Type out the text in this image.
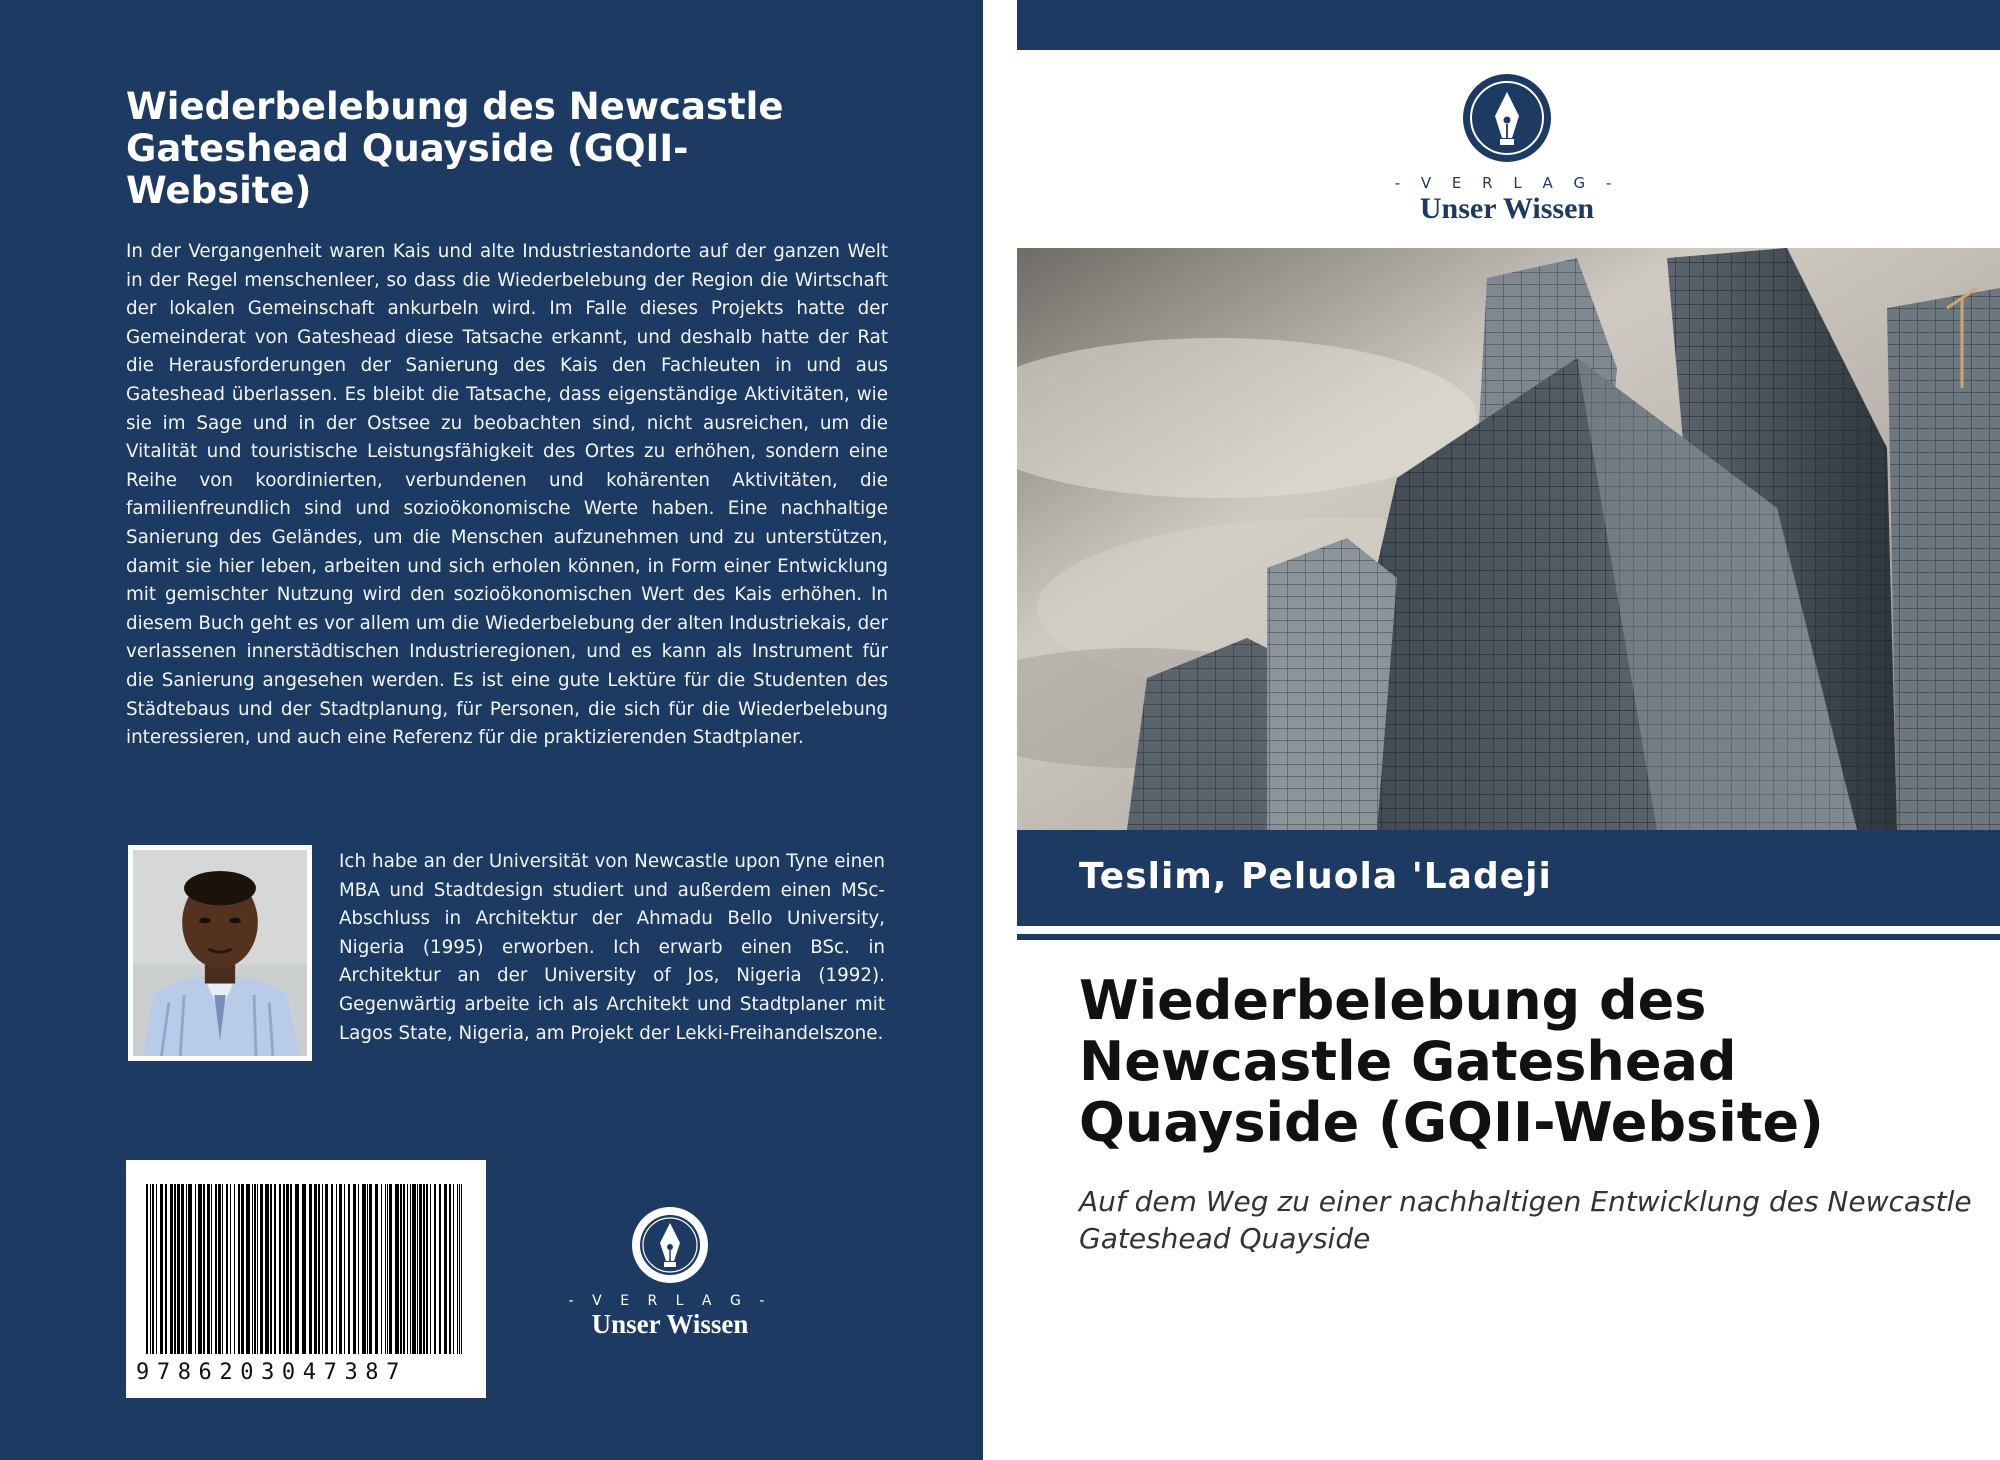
Wiederbelebung des Newcastle Gateshead Quayside (GQII-Website)

In der Vergangenheit waren Kais und alte Industriestandorte auf der ganzen Welt in der Regel menschenleer, so dass die Wiederbelebung der Region die Wirtschaft der lokalen Gemeinschaft ankurbeln wird. Im Falle dieses Projekts hatte der Gemeinderat von Gateshead diese Tatsache erkannt, und deshalb hatte der Rat die Herausforderungen der Sanierung des Kais den Fachleuten in und aus Gateshead überlassen. Es bleibt die Tatsache, dass eigenständige Aktivitäten, wie sie im Sage und in der Ostsee zu beobachten sind, nicht ausreichen, um die Vitalität und touristische Leistungsfähigkeit des Ortes zu erhöhen, sondern eine Reihe von koordinierten, verbundenen und kohärenten Aktivitäten, die familienfreundlich sind und sozioökonomische Werte haben. Eine nachhaltige Sanierung des Geländes, um die Menschen aufzunehmen und zu unterstützen, damit sie hier leben, arbeiten und sich erholen können, in Form einer Entwicklung mit gemischter Nutzung wird den sozioökonomischen Wert des Kais erhöhen. In diesem Buch geht es vor allem um die Wiederbelebung der alten Industriekais, der verlassenen innerstädtischen Industrieregionen, und es kann als Instrument für die Sanierung angesehen werden. Es ist eine gute Lektüre für die Studenten des Städtebaus und der Stadtplanung, für Personen, die sich für die Wiederbelebung interessieren, und auch eine Referenz für die praktizierenden Stadtplaner.

Ich habe an der Universität von Newcastle upon Tyne einen MBA und Stadtdesign studiert und außerdem einen MSc-Abschluss in Architektur der Ahmadu Bello University, Nigeria (1995) erworben. Ich erwarb einen BSc. in Architektur an der University of Jos, Nigeria (1992). Gegenwärtig arbeite ich als Architekt und Stadtplaner mit Lagos State, Nigeria, am Projekt der Lekki-Freihandelszone.

9786203047387
- V E R L A G -
Unser Wissen
- V E R L A G -
Unser Wissen
Teslim, Peluola 'Ladeji
Wiederbelebung des Newcastle Gateshead Quayside (GQII-Website)

Auf dem Weg zu einer nachhaltigen Entwicklung des Newcastle Gateshead Quayside
